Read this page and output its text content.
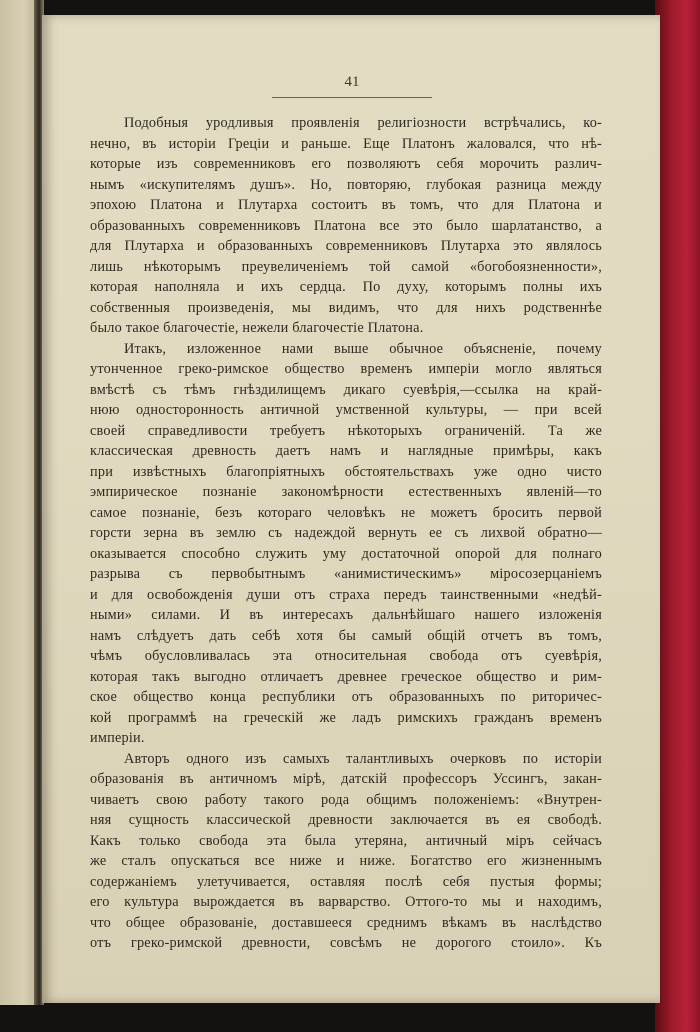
41
Подобныя уродливыя проявленія религіозности встрѣчались, ко-
нечно, въ исторіи Греціи и раньше. Еще Платонъ жаловался, что нѣ-
которые изъ современниковъ его позволяютъ себя морочить различ-
нымъ «искупителямъ душъ». Но, повторяю, глубокая разница между
эпохою Платона и Плутарха состоитъ въ томъ, что для Платона и
образованныхъ современниковъ Платона все это было шарлатанство, а
для Плутарха и образованныхъ современниковъ Плутарха это являлось
лишь нѣкоторымъ преувеличеніемъ той самой «богобоязненности»,
которая наполняла и ихъ сердца. По духу, которымъ полны ихъ
собственныя произведенія, мы видимъ, что для нихъ родственнѣе
было такое благочестіе, нежели благочестіе Платона.
Итакъ, изложенное нами выше обычное объясненіе, почему
утонченное греко-римское общество временъ имперіи могло являться
вмѣстѣ съ тѣмъ гнѣздилищемъ дикаго суевѣрія,—ссылка на край-
нюю односторонность античной умственной культуры, — при всей
своей справедливости требуетъ нѣкоторыхъ ограниченій. Та же
классическая древность даетъ намъ и наглядные примѣры, какъ
при извѣстныхъ благопріятныхъ обстоятельствахъ уже одно чисто
эмпирическое познаніе закономѣрности естественныхъ явленій—то
самое познаніе, безъ котораго человѣкъ не можетъ бросить первой
горсти зерна въ землю съ надеждой вернуть ее съ лихвой обратно—
оказывается способно служить уму достаточной опорой для полнаго
разрыва съ первобытнымъ «анимистическимъ» міросозерцаніемъ
и для освобожденія души отъ страха передъ таинственными «недѣй-
ными» силами. И въ интересахъ дальнѣйшаго нашего изложенія
намъ слѣдуетъ дать себѣ хотя бы самый общій отчетъ въ томъ,
чѣмъ обусловливалась эта относительная свобода отъ суевѣрія,
которая такъ выгодно отличаетъ древнее греческое общество и рим-
ское общество конца республики отъ образованныхъ по риторичес-
кой программѣ на греческій же ладъ римскихъ гражданъ временъ
имперіи.
Авторъ одного изъ самыхъ талантливыхъ очерковъ по исторіи
образованія въ античномъ мірѣ, датскій профессоръ Уссингъ, закан-
чиваетъ свою работу такого рода общимъ положеніемъ: «Внутрен-
няя сущность классической древности заключается въ ея свободѣ.
Какъ только свобода эта была утеряна, античный міръ сейчасъ
же сталъ опускаться все ниже и ниже. Богатство его жизненнымъ
содержаніемъ улетучивается, оставляя послѣ себя пустыя формы;
его культура вырождается въ варварство. Оттого-то мы и находимъ,
что общее образованіе, доставшееся среднимъ вѣкамъ въ наслѣдство
отъ греко-римской древности, совсѣмъ не дорогого стоило». Къ
